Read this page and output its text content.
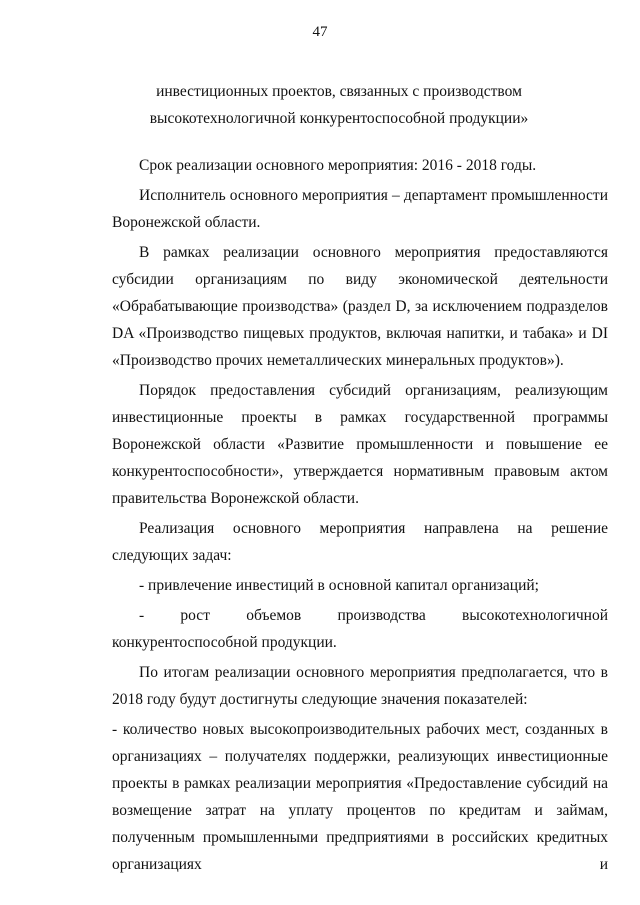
47
инвестиционных проектов, связанных с производством
высокотехнологичной конкурентоспособной продукции»

Срок реализации основного мероприятия: 2016 - 2018 годы.

Исполнитель основного мероприятия – департамент промышленности Воронежской области.

В рамках реализации основного мероприятия предоставляются субсидии организациям по виду экономической деятельности «Обрабатывающие производства» (раздел D, за исключением подразделов DA «Производство пищевых продуктов, включая напитки, и табака» и DI «Производство прочих неметаллических минеральных продуктов»).

Порядок предоставления субсидий организациям, реализующим инвестиционные проекты в рамках государственной программы Воронежской области «Развитие промышленности и повышение ее конкурентоспособности», утверждается нормативным правовым актом правительства Воронежской области.

Реализация основного мероприятия направлена на решение следующих задач:

- привлечение инвестиций в основной капитал организаций;

- рост объемов производства высокотехнологичной конкурентоспособной продукции.

По итогам реализации основного мероприятия предполагается, что в 2018 году будут достигнуты следующие значения показателей:

- количество новых высокопроизводительных рабочих мест, созданных в организациях – получателях поддержки, реализующих инвестиционные проекты в рамках реализации мероприятия «Предоставление субсидий на возмещение затрат на уплату процентов по кредитам и займам, полученным промышленными предприятиями в российских кредитных организациях и
